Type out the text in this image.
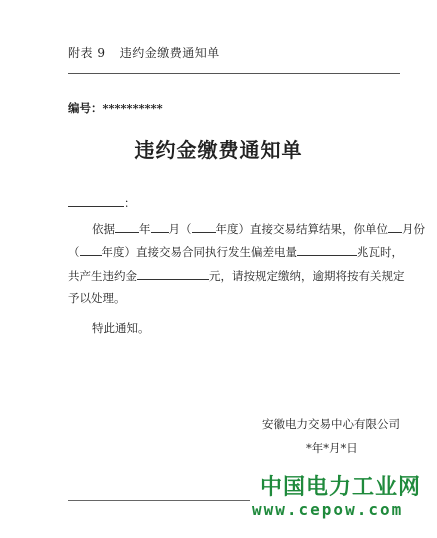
附表 9 违约金缴费通知单
编号：**********
违约金缴费通知单
：
依据 年 月（ 年度）直接交易结算结果，你单位 月份
（ 年度）直接交易合同执行发生偏差电量	兆瓦时，
共产生违约金	元，请按规定缴纳，逾期将按有关规定
予以处理。
特此通知。
安徽电力交易中心有限公司
*年*月*日
中国电力工业网
www.cepow.com
